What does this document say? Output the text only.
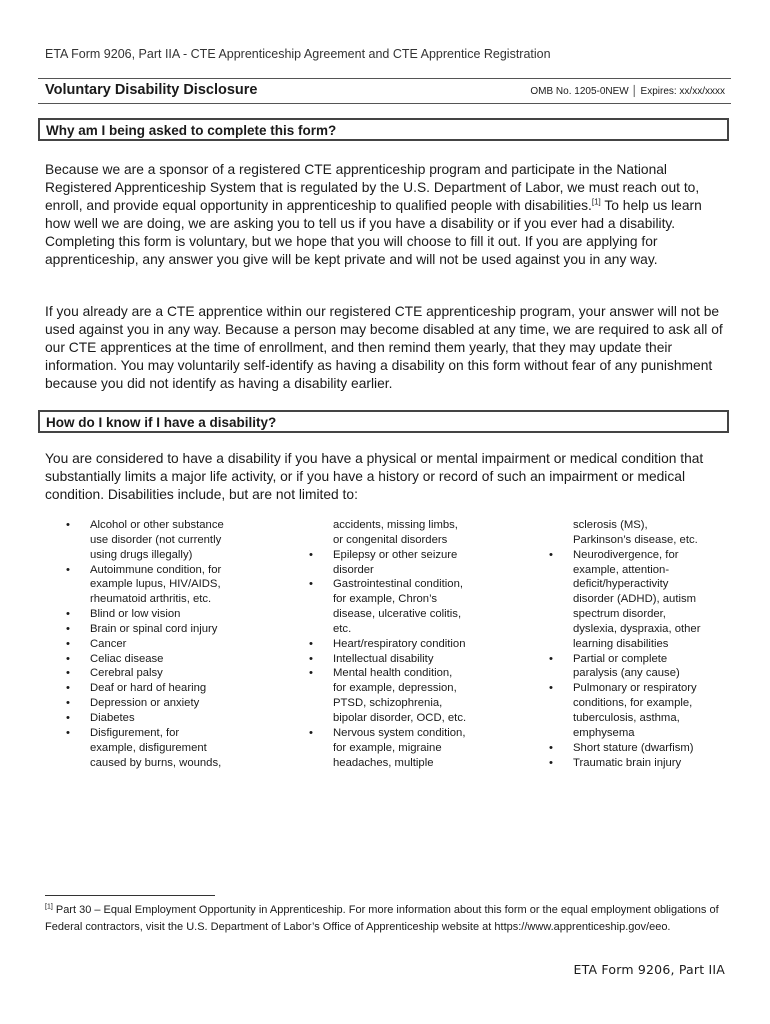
ETA Form 9206, Part IIA - CTE Apprenticeship Agreement and CTE Apprentice Registration
Voluntary Disability Disclosure	OMB No. 1205-0NEW │ Expires: xx/xx/xxxx
Why am I being asked to complete this form?
Because we are a sponsor of a registered CTE apprenticeship program and participate in the National Registered Apprenticeship System that is regulated by the U.S. Department of Labor, we must reach out to, enroll, and provide equal opportunity in apprenticeship to qualified people with disabilities.[1] To help us learn how well we are doing, we are asking you to tell us if you have a disability or if you ever had a disability. Completing this form is voluntary, but we hope that you will choose to fill it out. If you are applying for apprenticeship, any answer you give will be kept private and will not be used against you in any way.
If you already are a CTE apprentice within our registered CTE apprenticeship program, your answer will not be used against you in any way. Because a person may become disabled at any time, we are required to ask all of our CTE apprentices at the time of enrollment, and then remind them yearly, that they may update their information. You may voluntarily self-identify as having a disability on this form without fear of any punishment because you did not identify as having a disability earlier.
How do I know if I have a disability?
You are considered to have a disability if you have a physical or mental impairment or medical condition that substantially limits a major life activity, or if you have a history or record of such an impairment or medical condition. Disabilities include, but are not limited to:
• Alcohol or other substance
use disorder (not currently
using drugs illegally)
• Autoimmune condition, for
example lupus, HIV/AIDS,
rheumatoid arthritis, etc.
• Blind or low vision
• Brain or spinal cord injury
• Cancer
• Celiac disease
• Cerebral palsy
• Deaf or hard of hearing
• Depression or anxiety
• Diabetes
• Disfigurement, for
example, disfigurement
caused by burns, wounds,
accidents, missing limbs,
or congenital disorders
• Epilepsy or other seizure
disorder
• Gastrointestinal condition,
for example, Chron’s
disease, ulcerative colitis,
etc.
• Heart/respiratory condition
• Intellectual disability
• Mental health condition,
for example, depression,
PTSD, schizophrenia,
bipolar disorder, OCD, etc.
• Nervous system condition,
for example, migraine
headaches, multiple
sclerosis (MS),
Parkinson’s disease, etc.
• Neurodivergence, for
example, attention-
deficit/hyperactivity
disorder (ADHD), autism
spectrum disorder,
dyslexia, dyspraxia, other
learning disabilities
• Partial or complete
paralysis (any cause)
• Pulmonary or respiratory
conditions, for example,
tuberculosis, asthma,
emphysema
• Short stature (dwarfism)
• Traumatic brain injury
[1] Part 30 – Equal Employment Opportunity in Apprenticeship. For more information about this form or the equal employment obligations of Federal contractors, visit the U.S. Department of Labor’s Office of Apprenticeship website at https://www.apprenticeship.gov/eeo.
ETA Form 9206, Part IIA
